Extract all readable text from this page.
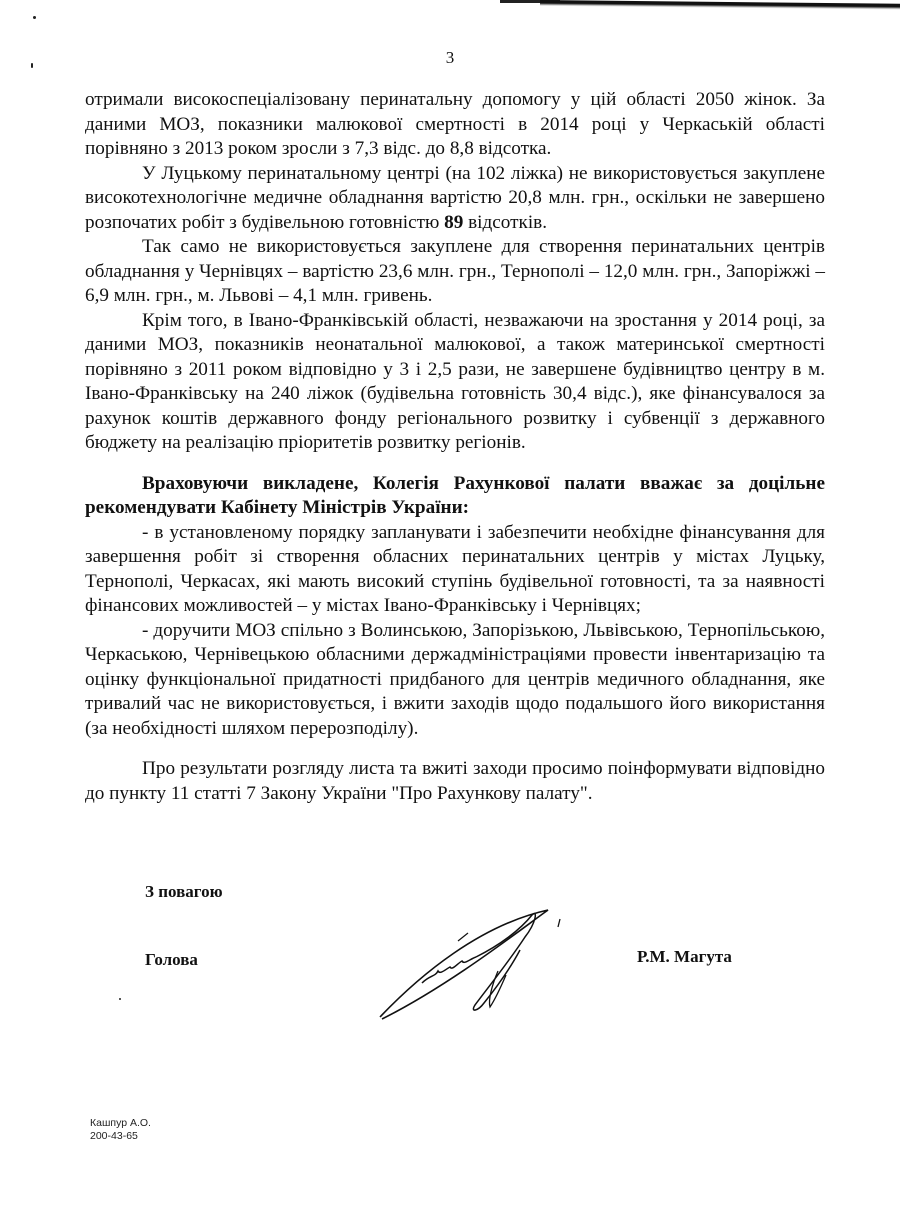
3

отримали високоспеціалізовану перинатальну допомогу у цій області 2050 жінок. За даними МОЗ, показники малюкової смертності в 2014 році у Черкаській області порівняно з 2013 роком зросли з 7,3 відс. до 8,8 відсотка.

У Луцькому перинатальному центрі (на 102 ліжка) не використовується закуплене високотехнологічне медичне обладнання вартістю 20,8 млн. грн., оскільки не завершено розпочатих робіт з будівельною готовністю 89 відсотків.

Так само не використовується закуплене для створення перинатальних центрів обладнання у Чернівцях – вартістю 23,6 млн. грн., Тернополі – 12,0 млн. грн., Запоріжжі – 6,9 млн. грн., м. Львові – 4,1 млн. гривень.

Крім того, в Івано-Франківській області, незважаючи на зростання у 2014 році, за даними МОЗ, показників неонатальної малюкової, а також материнської смертності порівняно з 2011 роком відповідно у 3 і 2,5 рази, не завершене будівництво центру в м. Івано-Франківську на 240 ліжок (будівельна готовність 30,4 відс.), яке фінансувалося за рахунок коштів державного фонду регіонального розвитку і субвенції з державного бюджету на реалізацію пріоритетів розвитку регіонів.

Враховуючи викладене, Колегія Рахункової палати вважає за доцільне рекомендувати Кабінету Міністрів України:

- в установленому порядку запланувати і забезпечити необхідне фінансування для завершення робіт зі створення обласних перинатальних центрів у містах Луцьку, Тернополі, Черкасах, які мають високий ступінь будівельної готовності, та за наявності фінансових можливостей – у містах Івано-Франківську і Чернівцях;

- доручити МОЗ спільно з Волинською, Запорізькою, Львівською, Тернопільською, Черкаською, Чернівецькою обласними держадміністраціями провести інвентаризацію та оцінку функціональної придатності придбаного для центрів медичного обладнання, яке тривалий час не використовується, і вжити заходів щодо подальшого його використання (за необхідності шляхом перерозподілу).

Про результати розгляду листа та вжиті заходи просимо поінформувати відповідно до пункту 11 статті 7 Закону України "Про Рахункову палату".

З повагою
Голова	Р.М. Магута
Кашпур А.О.
200-43-65
